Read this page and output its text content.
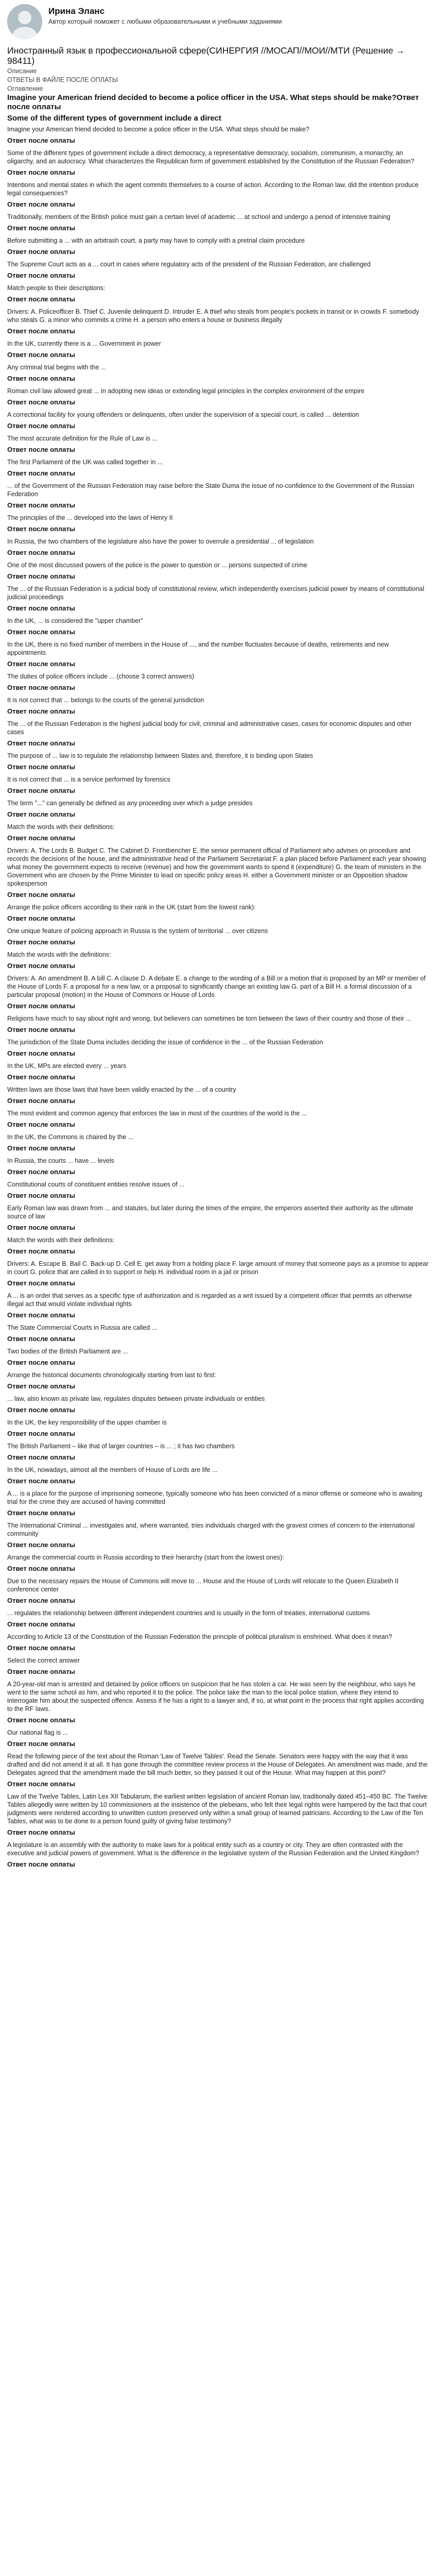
Ирина Эланс
Автор который поможет с любыми образовательными и учебными заданиями
Иностранный язык в профессиональной сфере(СИНЕРГИЯ //МОСАП//МОИ//МТИ (Решение → 98411)
Описание
ОТВЕТЫ В ФАЙЛЕ ПОСЛЕ ОПЛАТЫ
Оглавление
Imagine your American friend decided to become a police officer in the USA. What steps should be make?Ответ после оплаты
Some of the different types of government include a direct
Imagine your American friend decided to become a police officer in the USA. What steps should be make?
Ответ после оплаты
Some of the different types of government include a direct democracy, a representative democracy, socialism, communism, a monarchy, an oligarchy, and an autocracy. What characterizes the Republican form of government established by the Constitution of the Russian Federation?
Ответ после оплаты
Intentions and mental states in which the agent commits themselves to a course of action. According to the Roman law, did the intention produce legal consequences?
Ответ после оплаты
Traditionally, members of the British police must gain a certain level of academic ... at school and undergo a period of intensive training
Ответ после оплаты
Before submitting a ... with an arbitrash court, a party may have to comply with a pretrial claim procedure
Ответ после оплаты
The Supreme Court acts as a ... court in cases where regulatory acts of the president of the Russian Federation, are challenged
Ответ после оплаты
Match people to their descriptions:
Ответ после оплаты
Drivers: A. Policeofficer B. Thief C. Juvenile delinquent D. Intruder E. A thief who steals from people's pockets in transit or in crowds F. somebody who steals G. a minor who commits a crime H. a person who enters a house or business illegally
Ответ после оплаты
In the UK, currently there is a ... Government in power
Ответ после оплаты
Any criminal trial begins with the ...
Ответ после оплаты
Roman civil law allowed great ... in adopting new ideas or extending legal principles in the complex environment of the empire
Ответ после оплаты
A correctional facility for young offenders or delinquents, often under the supervision of a special court, is called ... detention
Ответ после оплаты
The most accurate definition for the Rule of Law is ...
Ответ после оплаты
The first Parliament of the UK was called together in ...
Ответ после оплаты
... of the Government of the Russian Federation may raise before the State Duma the issue of no-confidence to the Government of the Russian Federation
Ответ после оплаты
The principles of the ... developed into the laws of Henry II
Ответ после оплаты
In Russia, the two chambers of the legislature also have the power to overrule a presidential ... of legislation
Ответ после оплаты
One of the most discussed powers of the police is the power to question or ... persons suspected of crime
Ответ после оплаты
The ... of the Russian Federation is a judicial body of constitutional review, which independently exercises judicial power by means of constitutional judicial proceedings
Ответ после оплаты
In the UK, ... is considered the "upper chamber"
Ответ после оплаты
In the UK, there is no fixed number of members in the House of ..., and the number fluctuates because of deaths, retirements and new appointments
Ответ после оплаты
The duties of police officers include ... (choose 3 correct answers)
Ответ после оплаты
It is not correct that ... belongs to the courts of the general jurisdiction
Ответ после оплаты
The ... of the Russian Federation is the highest judicial body for civil, criminal and administrative cases, cases for economic disputes and other cases
Ответ после оплаты
The purpose of ... law is to regulate the relationship between States and, therefore, it is binding upon States
Ответ после оплаты
It is not correct that ... is a service performed by forensics
Ответ после оплаты
The term "..." can generally be defined as any proceeding over which a judge presides
Ответ после оплаты
Match the words with their definitions:
Ответ после оплаты
Drivers: A. The Lords B. Budget C. The Cabinet D. Frontbencher E. the senior permanent official of Parliament who advises on procedure and records the decisions of the house, and the administrative head of the Parliament Secretariat F. a plan placed before Parliament each year showing what money the government expects to receive (revenue) and how the government wants to spend it (expenditure) G. the team of ministers in the Government who are chosen by the Prime Minister to lead on specific policy areas H. either a Government minister or an Opposition shadow spokesperson
Ответ после оплаты
Arrange the police officers according to their rank in the UK (start from the lowest rank):
Ответ после оплаты
One unique feature of policing approach in Russia is the system of territorial ... over citizens
Ответ после оплаты
Match the words with the definitions:
Ответ после оплаты
Drivers: A. An amendment B. A bill C. A clause D. A debate E. a change to the wording of a Bill or a motion that is proposed by an MP or member of the House of Lords F. a proposal for a new law, or a proposal to significantly change an existing law G. part of a Bill H. a formal discussion of a particular proposal (motion) in the House of Commons or House of Lords
Ответ после оплаты
Religions have much to say about right and wrong, but believers can sometimes be torn between the laws of their country and those of their ...
Ответ после оплаты
The jurisdiction of the State Duma includes deciding the issue of confidence in the ... of the Russian Federation
Ответ после оплаты
In the UK, MPs are elected every ... years
Ответ после оплаты
Written laws are those laws that have been validly enacted by the ... of a country
Ответ после оплаты
The most evident and common agency that enforces the law in most of the countries of the world is the ...
Ответ после оплаты
In the UK, the Commons is chaired by the ...
Ответ после оплаты
In Russia, the courts ... have ... levels
Ответ после оплаты
Constitutional courts of constituent entities resolve issues of ...
Ответ после оплаты
Early Roman law was drawn from ... and statutes, but later during the times of the empire, the emperors asserted their authority as the ultimate source of law
Ответ после оплаты
Match the words with their definitions:
Ответ после оплаты
Drivers: A. Escape B. Bail C. Back-up D. Cell E. get away from a holding place F. large amount of money that someone pays as a promise to appear in court G. police that are called in to support or help H. individual room in a jail or prison
Ответ после оплаты
A ... is an order that serves as a specific type of authorization and is regarded as a writ issued by a competent officer that permits an otherwise illegal act that would violate individual rights
Ответ после оплаты
The State Commercial Courts in Russia are called ...
Ответ после оплаты
Two bodies of the British Parliament are ...
Ответ после оплаты
Arrange the historical documents chronologically starting from last to first:
Ответ после оплаты
... law, also known as private law, regulates disputes between private individuals or entities
Ответ после оплаты
In the UK, the key responsibility of the upper chamber is
Ответ после оплаты
The British Parliament – like that of larger countries – is ... ; it has two chambers
Ответ после оплаты
In the UK, nowadays, almost all the members of House of Lords are life ...
Ответ после оплаты
A ... is a place for the purpose of imprisoning someone, typically someone who has been convicted of a minor offense or someone who is awaiting trial for the crime they are accused of having committed
Ответ после оплаты
The International Criminal ... investigates and, where warranted, tries individuals charged with the gravest crimes of concern to the international community
Ответ после оплаты
Arrange the commercial courts in Russia according to their hierarchy (start from the lowest ones):
Ответ после оплаты
Due to the necessary repairs the House of Commons will move to ... House and the House of Lords will relocate to the Queen Elizabeth II conference center
Ответ после оплаты
... regulates the relationship between different independent countries and is usually in the form of treaties, international customs
Ответ после оплаты
According to Article 13 of the Constitution of the Russian Federation the principle of political pluralism is enshrined. What does it mean?
Ответ после оплаты
Select the correct answer
Ответ после оплаты
A 20-year-old man is arrested and detained by police officers on suspicion that he has stolen a car. He was seen by the neighbour, who says he went to the same school as him, and who reported it to the police. The police take the man to the local police station, where they intend to interrogate him about the suspected offence. Assess if he has a right to a lawyer and, if so, at what point in the process that right applies according to the RF laws.
Ответ после оплаты
Our national flag is ...
Ответ после оплаты
Read the following piece of the text about the Roman 'Law of Twelve Tables'. Read the Senate. Senators were happy with the way that it was drafted and did not amend it at all. It has gone through the committee review process in the House of Delegates. An amendment was made, and the Delegates agreed that the amendment made the bill much better, so they passed it out of the House. What may happen at this point?
Ответ после оплаты
Law of the Twelve Tables, Latin Lex XII Tabularum, the earliest written legislation of ancient Roman law, traditionally dated 451–450 BC. The Twelve Tables allegedly were written by 10 commissioners at the insistence of the plebeians, who felt their legal rights were hampered by the fact that court judgments were rendered according to unwritten custom preserved only within a small group of learned patricians. According to the Law of the Ten Tables, what was to be done to a person found guilty of giving false testimony?
Ответ после оплаты
A legislature is an assembly with the authority to make laws for a political entity such as a country or city. They are often contrasted with the executive and judicial powers of government. What is the difference in the legislative system of the Russian Federation and the United Kingdom?
Ответ после оплаты
